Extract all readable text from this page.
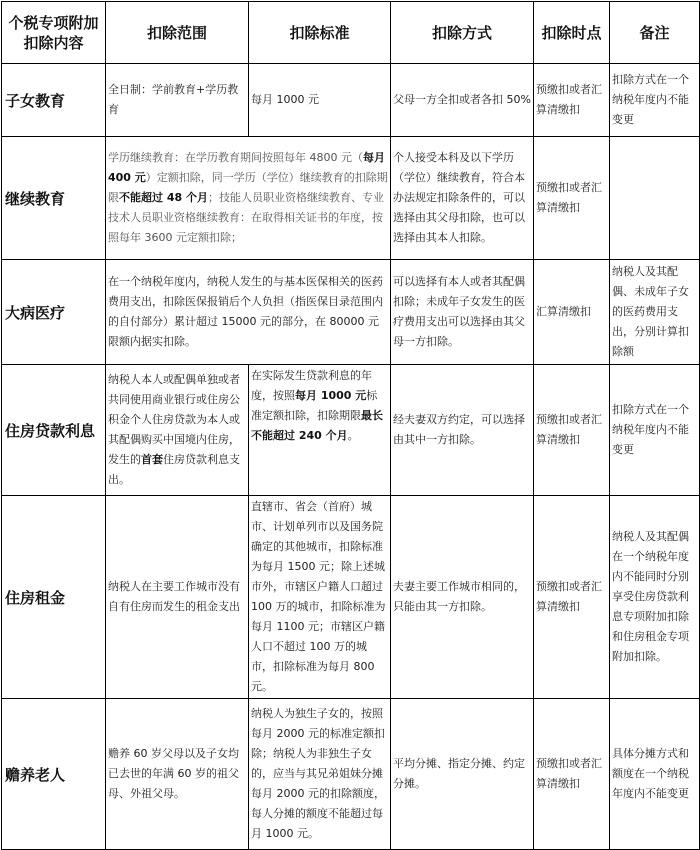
个税专项附加扣除内容	扣除范围	扣除标准	扣除方式	扣除时点	备注
子女教育	全日制：学前教育+学历教育	每月 1000 元	父母一方全扣或者各扣 50%	预缴扣或者汇算清缴扣	扣除方式在一个纳税年度内不能变更
继续教育	学历继续教育：在学历教育期间按照每年 4800 元（每月 400 元）定额扣除，同一学历（学位）继续教育的扣除期限不能超过 48 个月；技能人员职业资格继续教育、专业技术人员职业资格继续教育：在取得相关证书的年度，按照每年 3600 元定额扣除；		个人接受本科及以下学历（学位）继续教育，符合本办法规定扣除条件的，可以选择由其父母扣除，也可以选择由其本人扣除。	预缴扣或者汇算清缴扣	
大病医疗	在一个纳税年度内，纳税人发生的与基本医保相关的医药费用支出，扣除医保报销后个人负担（指医保目录范围内的自付部分）累计超过 15000 元的部分，在 80000 元限额内据实扣除。		可以选择有本人或者其配偶扣除；未成年子女发生的医疗费用支出可以选择由其父母一方扣除。	汇算清缴扣	纳税人及其配偶、未成年子女的医药费用支出，分别计算扣除额
住房贷款利息	纳税人本人或配偶单独或者共同使用商业银行或住房公积金个人住房贷款为本人或其配偶购买中国境内住房，发生的首套住房贷款利息支出。	在实际发生贷款利息的年度，按照每月 1000 元标准定额扣除，扣除期限最长不能超过 240 个月。	经夫妻双方约定，可以选择由其中一方扣除。	预缴扣或者汇算清缴扣	扣除方式在一个纳税年度内不能变更
住房租金	纳税人在主要工作城市没有自有住房而发生的租金支出	直辖市、省会（首府）城市、计划单列市以及国务院确定的其他城市，扣除标准为每月 1500 元；除上述城市外，市辖区户籍人口超过 100 万的城市，扣除标准为每月 1100 元；市辖区户籍人口不超过 100 万的城市，扣除标准为每月 800 元。	夫妻主要工作城市相同的，只能由其一方扣除。	预缴扣或者汇算清缴扣	纳税人及其配偶在一个纳税年度内不能同时分别享受住房贷款利息专项附加扣除和住房租金专项附加扣除。
赡养老人	赡养 60 岁父母以及子女均已去世的年满 60 岁的祖父母、外祖父母。	纳税人为独生子女的，按照每月 2000 元的标准定额扣除；纳税人为非独生子女的，应当与其兄弟姐妹分摊每月 2000 元的扣除额度，每人分摊的额度不能超过每月 1000 元。	平均分摊、指定分摊、约定分摊。	预缴扣或者汇算清缴扣	具体分摊方式和额度在一个纳税年度内不能变更
